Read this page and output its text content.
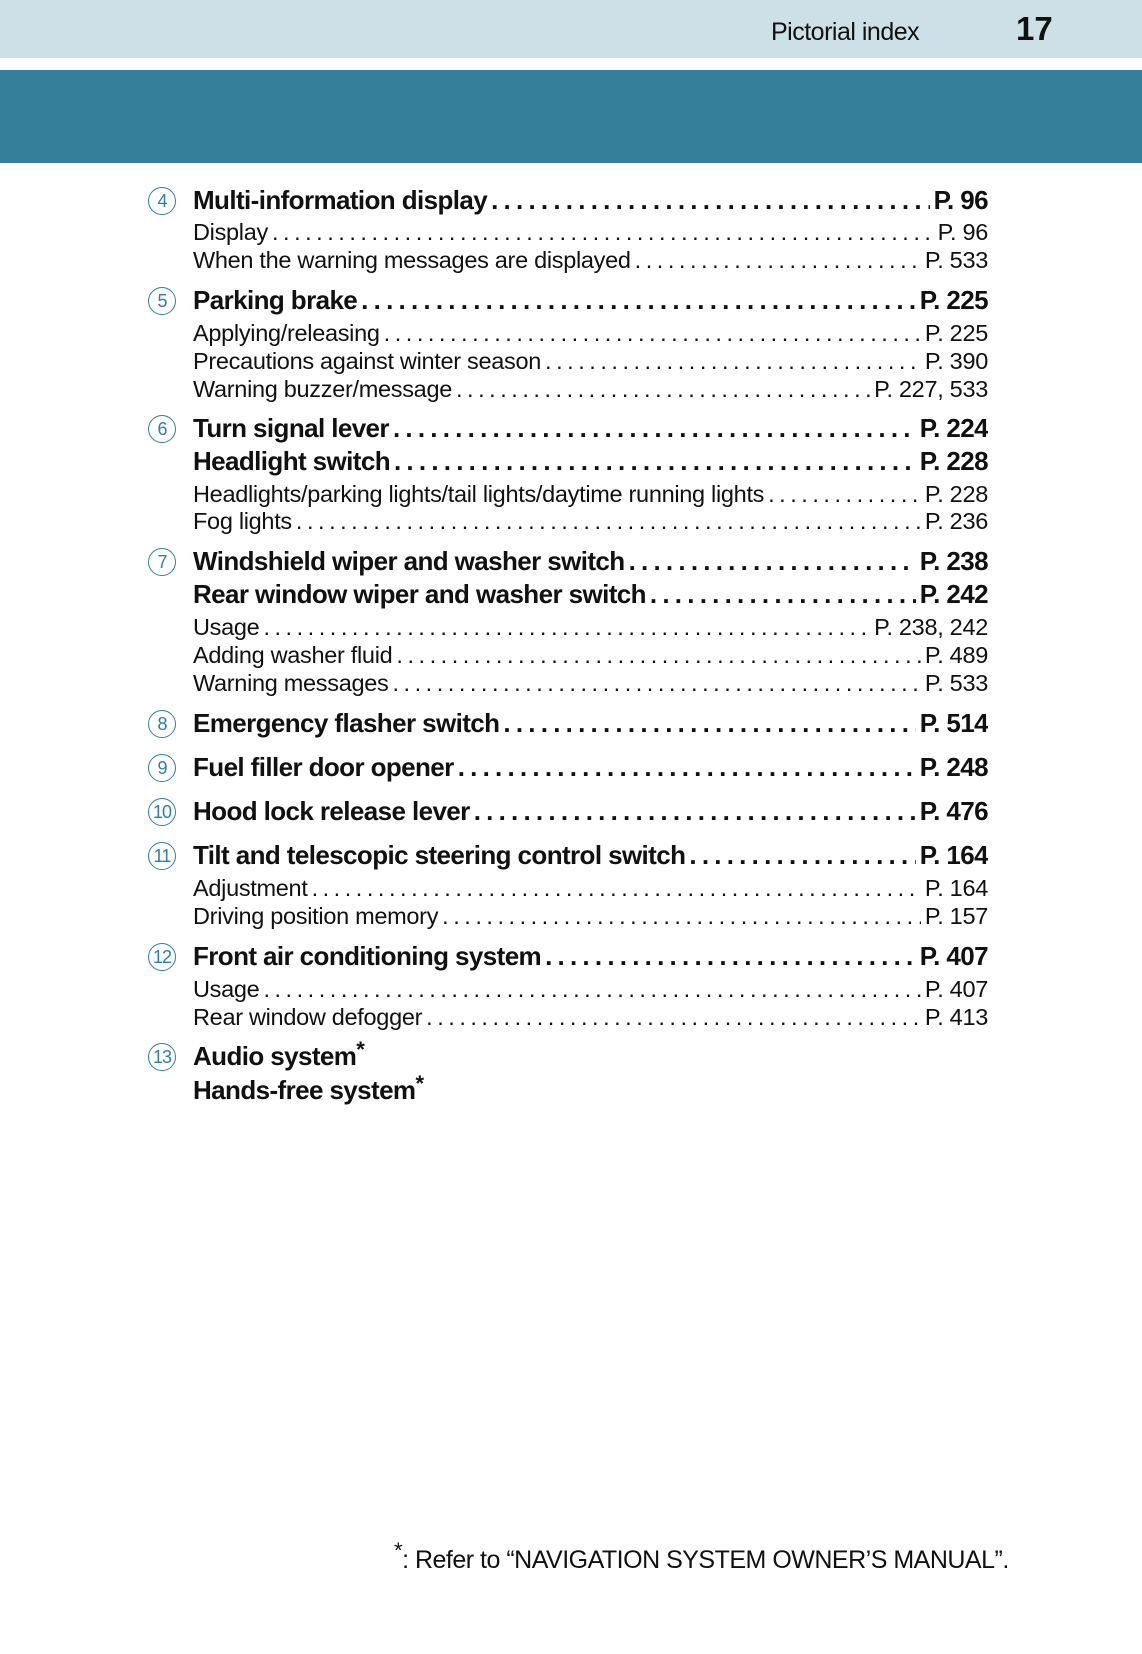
Pictorial index	17
4	Multi-information display . . .	P. 96
Display . . .	P. 96
When the warning messages are displayed . . .	P. 533
5	Parking brake . . .	P. 225
Applying/releasing . . .	P. 225
Precautions against winter season . . .	P. 390
Warning buzzer/message . . .	P. 227, 533
6	Turn signal lever . . .	P. 224
Headlight switch . . .	P. 228
Headlights/parking lights/tail lights/daytime running lights . . .	P. 228
Fog lights . . .	P. 236
7	Windshield wiper and washer switch . . .	P. 238
Rear window wiper and washer switch . . .	P. 242
Usage . . .	P. 238, 242
Adding washer fluid . . .	P. 489
Warning messages . . .	P. 533
8	Emergency flasher switch . . .	P. 514
9	Fuel filler door opener . . .	P. 248
10 Hood lock release lever . . .	P. 476
11 Tilt and telescopic steering control switch . . .	P. 164
Adjustment . . .	P. 164
Driving position memory . . .	P. 157
12 Front air conditioning system . . .	P. 407
Usage . . .	P. 407
Rear window defogger . . .	P. 413
13 Audio system *
Hands-free system *
*: Refer to “NAVIGATION SYSTEM OWNER’S MANUAL”.
